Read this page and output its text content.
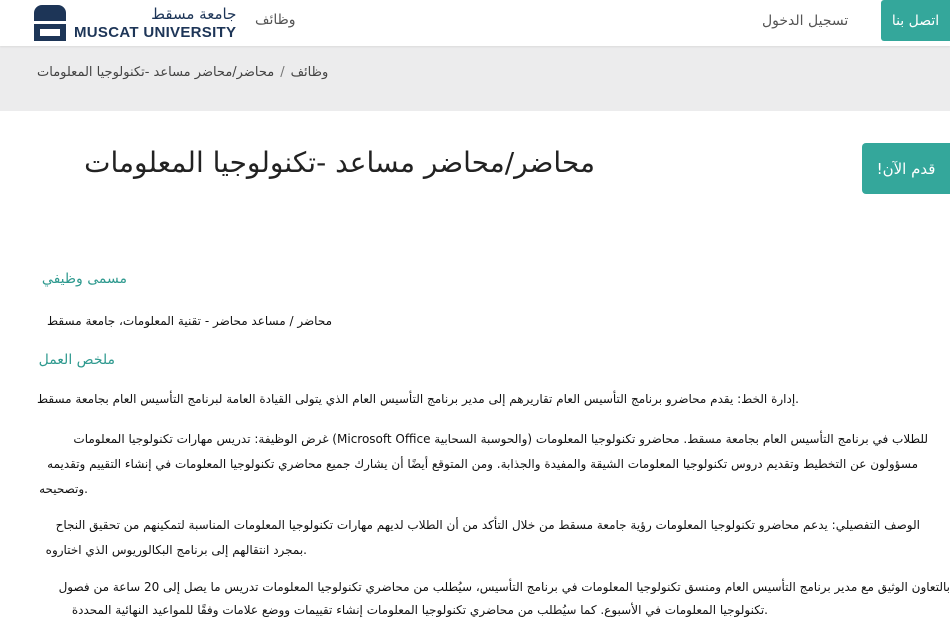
جامعة مسقط
MUSCAT UNIVERSITY
وظائف	تسجيل الدخول	اتصل بنا
وظائف/محاضر/محاضر مساعد -تكنولوجيا المعلومات
محاضر/محاضر مساعد -تكنولوجيا المعلومات	!قدم الآن
مسمى وظيفي
محاضر / مساعد محاضر - تقنية المعلومات، جامعة مسقط
ملخص العمل
.إدارة الخط: يقدم محاضرو برنامج التأسيس العام تقاريرهم إلى مدير برنامج التأسيس العام الذي يتولى القيادة العامة لبرنامج التأسيس العام بجامعة مسقط
للطلاب في برنامج التأسيس العام بجامعة مسقط. محاضرو تكنولوجيا المعلومات (والحوسبة السحابية Microsoft Office) غرض الوظيفة: تدريس مهارات تكنولوجيا المعلومات
مسؤولون عن التخطيط وتقديم دروس تكنولوجيا المعلومات الشيقة والمفيدة والجذابة. ومن المتوقع أيضًا أن يشارك جميع محاضري تكنولوجيا المعلومات في إنشاء التقييم وتقديمه
.وتصحيحه
الوصف التفصيلي: يدعم محاضرو تكنولوجيا المعلومات رؤية جامعة مسقط من خلال التأكد من أن الطلاب لديهم مهارات تكنولوجيا المعلومات المناسبة لتمكينهم من تحقيق النجاح
.بمجرد انتقالهم إلى برنامج البكالوريوس الذي اختاروه
بالتعاون الوثيق مع مدير برنامج التأسيس العام ومنسق تكنولوجيا المعلومات في برنامج التأسيس، سيُطلب من محاضري تكنولوجيا المعلومات تدريس ما يصل إلى 20 ساعة من فصول
.تكنولوجيا المعلومات في الأسبوع. كما سيُطلب من محاضري تكنولوجيا المعلومات إنشاء تقييمات ووضع علامات وفقًا للمواعيد النهائية المحددة
